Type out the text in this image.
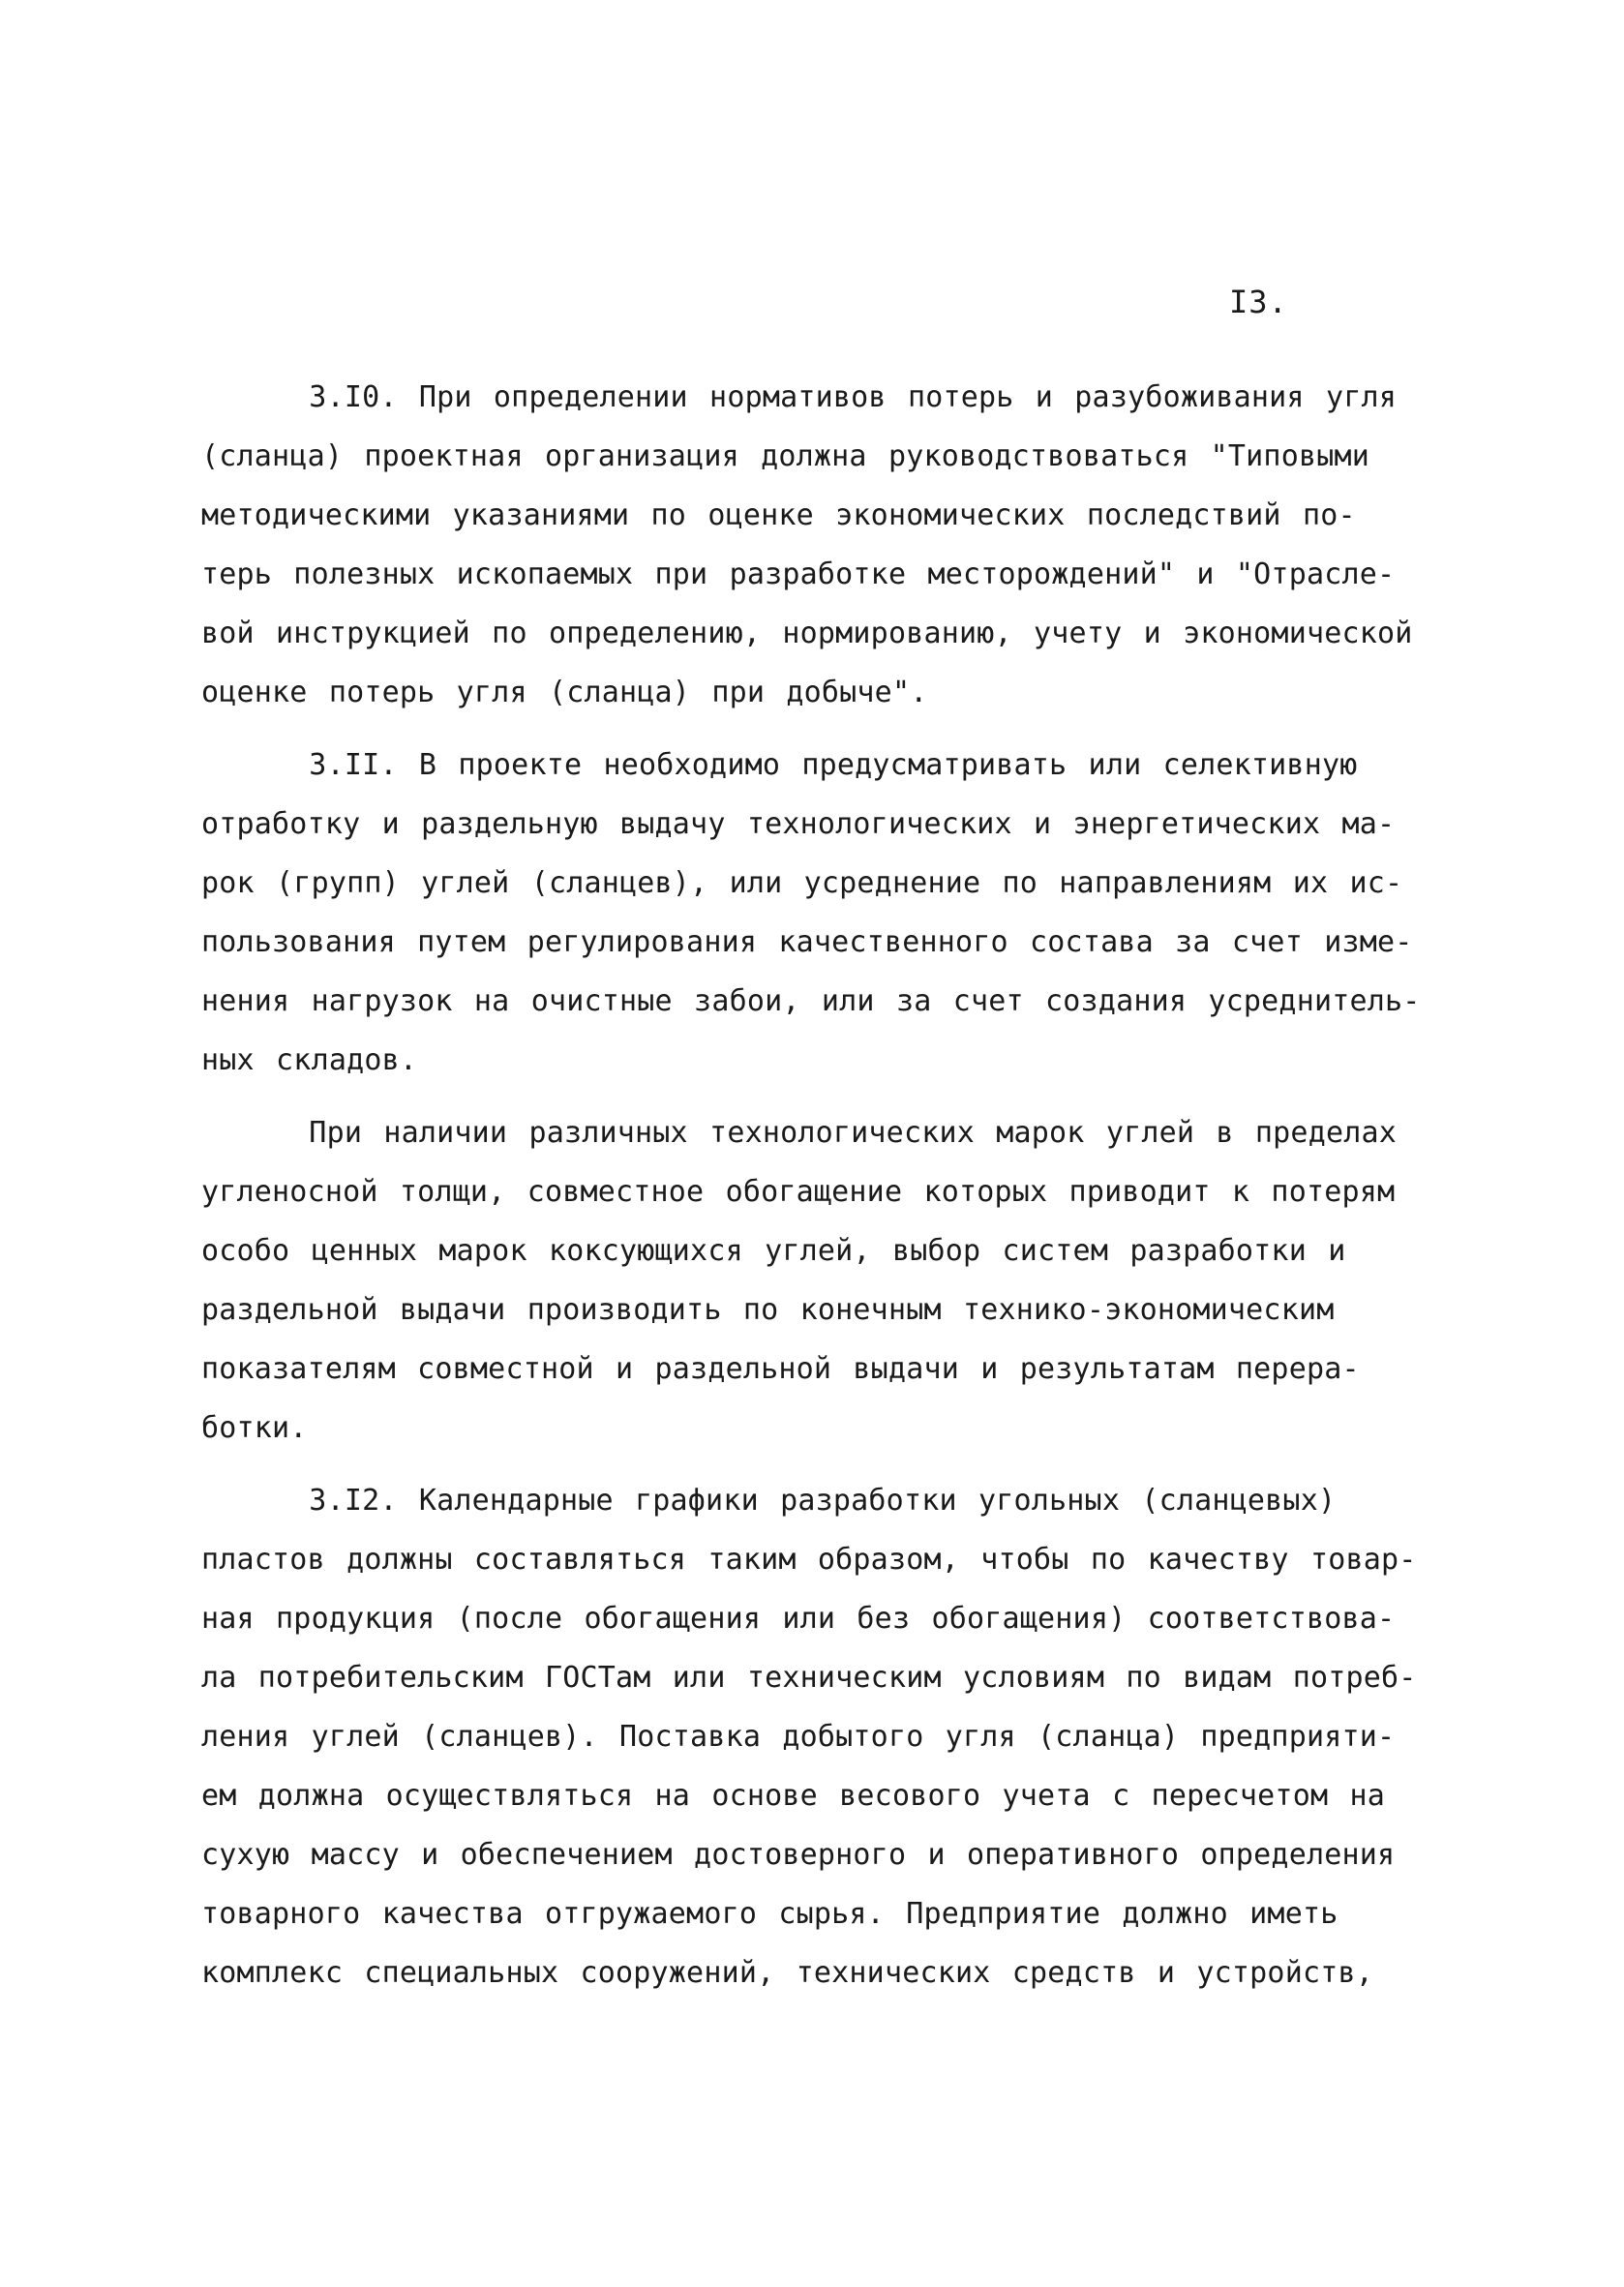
I3.
3.I0. При определении нормативов потерь и разубоживания угля
(сланца) проектная организация должна руководствоваться "Типовыми
методическими указаниями по оценке экономических последствий по-
терь полезных ископаемых при разработке месторождений" и "Отрасле-
вой инструкцией по определению, нормированию, учету и экономической
оценке потерь угля (сланца) при добыче".
3.II. В проекте необходимо предусматривать или селективную
отработку и раздельную выдачу технологических и энергетических ма-
рок (групп) углей (сланцев), или усреднение по направлениям их ис-
пользования путем регулирования качественного состава за счет изме-
нения нагрузок на очистные забои, или за счет создания усреднитель-
ных складов.
При наличии различных технологических марок углей в пределах
угленосной толщи, совместное обогащение которых приводит к потерям
особо ценных марок коксующихся углей, выбор систем разработки и
раздельной выдачи производить по конечным технико-экономическим
показателям совместной и раздельной выдачи и результатам перера-
ботки.
3.I2. Календарные графики разработки угольных (сланцевых)
пластов должны составляться таким образом, чтобы по качеству товар-
ная продукция (после обогащения или без обогащения) соответствова-
ла потребительским ГОСТам или техническим условиям по видам потреб-
ления углей (сланцев). Поставка добытого угля (сланца) предприяти-
ем должна осуществляться на основе весового учета с пересчетом на
сухую массу и обеспечением достоверного и оперативного определения
товарного качества отгружаемого сырья. Предприятие должно иметь
комплекс специальных сооружений, технических средств и устройств,
